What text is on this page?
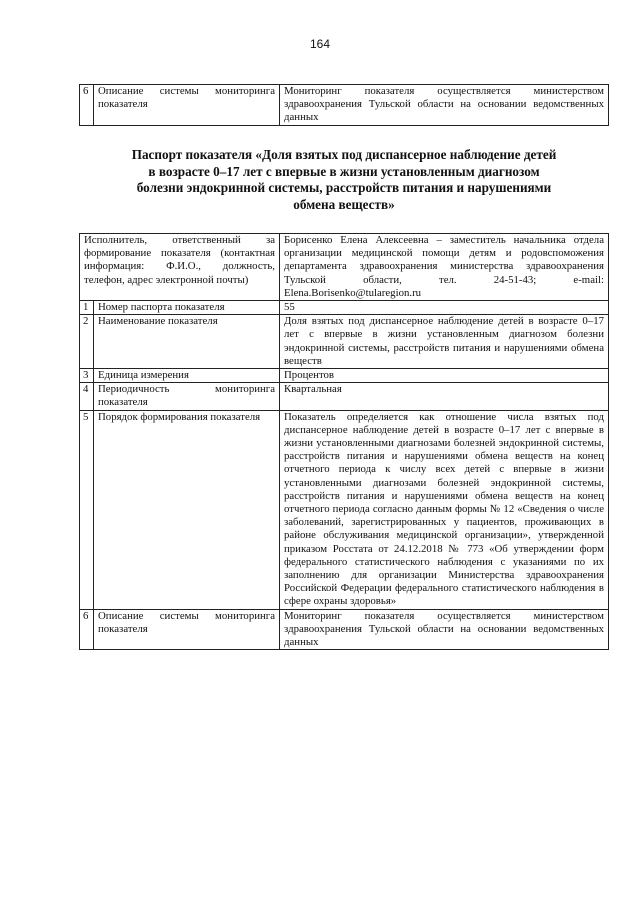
164
6	Описание системы мониторинга показателя	Мониторинг показателя осуществляется министерством здравоохранения Тульской области на основании ведомственных данных
Паспорт показателя «Доля взятых под диспансерное наблюдение детей
в возрасте 0–17 лет с впервые в жизни установленным диагнозом
болезни эндокринной системы, расстройств питания и нарушениями
обмена веществ»
Исполнитель, ответственный за формирование показателя (контактная информация: Ф.И.О., должность, телефон, адрес электронной почты)		Борисенко Елена Алексеевна – заместитель начальника отдела организации медицинской помощи детям и родовспоможения департамента здравоохранения министерства здравоохранения Тульской области, тел. 24-51-43; e-mail: Elena.Borisenko@tularegion.ru
1	Номер паспорта показателя	55
2	Наименование показателя	Доля взятых под диспансерное наблюдение детей в возрасте 0–17 лет с впервые в жизни установленным диагнозом болезни эндокринной системы, расстройств питания и нарушениями обмена веществ
3	Единица измерения	Процентов
4	Периодичность мониторинга показателя	Квартальная
5	Порядок формирования показателя	Показатель определяется как отношение числа взятых под диспансерное наблюдение детей в возрасте 0–17 лет с впервые в жизни установленными диагнозами болезней эндокринной системы, расстройств питания и нарушениями обмена веществ на конец отчетного периода к числу всех детей с впервые в жизни установленными диагнозами болезней эндокринной системы, расстройств питания и нарушениями обмена веществ на конец отчетного периода согласно данным формы № 12 «Сведения о числе заболеваний, зарегистрированных у пациентов, проживающих в районе обслуживания медицинской организации», утвержденной приказом Росстата от 24.12.2018 № 773 «Об утверждении форм федерального статистического наблюдения с указаниями по их заполнению для организации Министерства здравоохранения Российской Федерации федерального статистического наблюдения в сфере охраны здоровья»
6	Описание системы мониторинга показателя	Мониторинг показателя осуществляется министерством здравоохранения Тульской области на основании ведомственных данных
